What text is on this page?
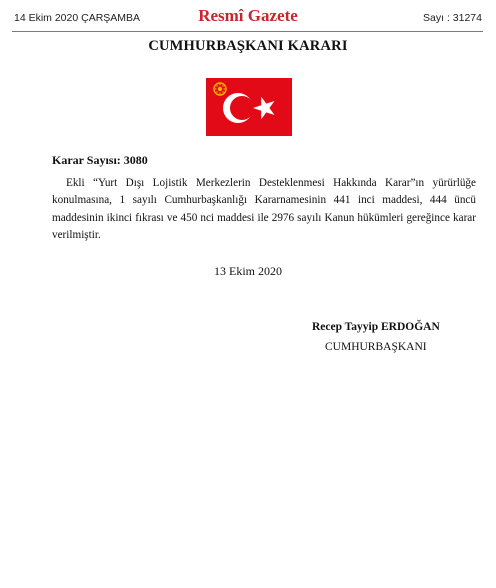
14 Ekim 2020 ÇARŞAMBA	Resmî Gazete	Sayı : 31274
CUMHURBAŞKANI KARARI
Karar Sayısı: 3080
Ekli “Yurt Dışı Lojistik Merkezlerin Desteklenmesi Hakkında Karar”ın yürürlüğe konulmasına, 1 sayılı Cumhurbaşkanlığı Kararnamesinin 441 inci maddesi, 444 üncü maddesinin ikinci fıkrası ve 450 nci maddesi ile 2976 sayılı Kanun hükümleri gereğince karar verilmiştir.
13 Ekim 2020
Recep Tayyip ERDOĞAN
CUMHURBAŞKANI
